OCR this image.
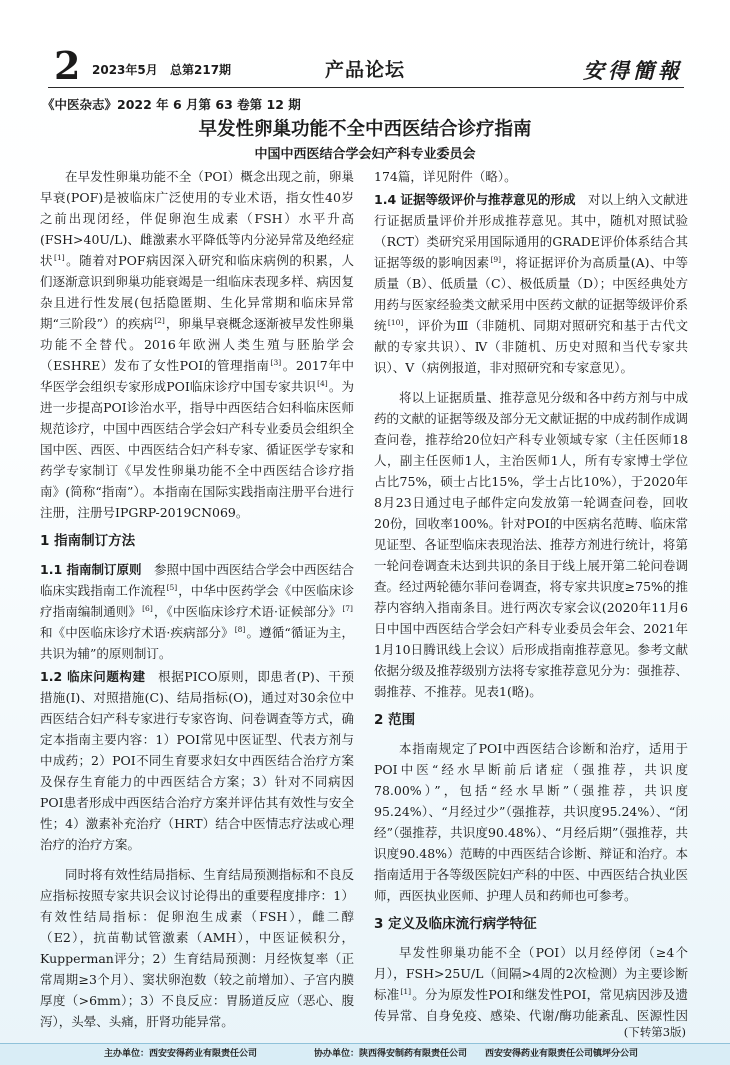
2 2023年5月 总第217期	产品论坛	安得簡報
《中医杂志》2022 年 6 月第 63 卷第 12 期
早发性卵巢功能不全中西医结合诊疗指南
中国中西医结合学会妇产科专业委员会

在早发性卵巢功能不全（POI）概念出现之前，卵巢早衰(POF)是被临床广泛使用的专业术语，指女性40岁之前出现闭经，伴促卵泡生成素（FSH）水平升高(FSH>40U/L)、雌激素水平降低等内分泌异常及绝经症状[1]。随着对POF病因深入研究和临床病例的积累，人们逐渐意识到卵巢功能衰竭是一组临床表现多样、病因复杂且进行性发展(包括隐匿期、生化异常期和临床异常期“三阶段”）的疾病[2]，卵巢早衰概念逐渐被早发性卵巢功能不全替代。2016年欧洲人类生殖与胚胎学会（ESHRE）发布了女性POI的管理指南[3]。2017年中华医学会组织专家形成POI临床诊疗中国专家共识[4]。为进一步提高POI诊治水平，指导中西医结合妇科临床医师规范诊疗，中国中西医结合学会妇产科专业委员会组织全国中医、西医、中西医结合妇产科专家、循证医学专家和药学专家制订《早发性卵巢功能不全中西医结合诊疗指南》(简称“指南”）。本指南在国际实践指南注册平台进行注册，注册号IPGRP-2019CN069。

1 指南制订方法

1.1 指南制订原则 参照中国中西医结合学会中西医结合临床实践指南工作流程[5]，中华中医药学会《中医临床诊疗指南编制通则》[6]，《中医临床诊疗术语·证候部分》[7]和《中医临床诊疗术语·疾病部分》[8]。遵循“循证为主，共识为辅”的原则制订。

1.2 临床问题构建 根据PICO原则，即患者(P)、干预措施(I)、对照措施(C)、结局指标(O)，通过对30余位中西医结合妇产科专家进行专家咨询、问卷调查等方式，确定本指南主要内容：1）POI常见中医证型、代表方剂与中成药；2）POI不同生育要求妇女中西医结合治疗方案及保存生育能力的中西医结合方案；3）针对不同病因POI患者形成中西医结合治疗方案并评估其有效性与安全性；4）激素补充治疗（HRT）结合中医情志疗法或心理治疗的治疗方案。

同时将有效性结局指标、生育结局预测指标和不良反应指标按照专家共识会议讨论得出的重要程度排序：1）有效性结局指标：促卵泡生成素（FSH），雌二醇（E2），抗苗勒试管激素（AMH），中医证候积分，Kupperman评分；2）生育结局预测：月经恢复率（正常周期≥3个月）、窦状卵泡数（较之前增加）、子宫内膜厚度（>6mm）；3）不良反应：胃肠道反应（恶心、腹泻），头晕、头痛，肝肾功能异常。

174篇，详见附件（略）。

1.4 证据等级评价与推荐意见的形成 对以上纳入文献进行证据质量评价并形成推荐意见。其中，随机对照试验（RCT）类研究采用国际通用的GRADE评价体系结合其证据等级的影响因素[9]，将证据评价为高质量(A)、中等质量（B）、低质量（C）、极低质量（D）；中医经典处方用药与医家经验类文献采用中医药文献的证据等级评价系统[10]，评价为Ⅲ（非随机、同期对照研究和基于古代文献的专家共识）、Ⅳ（非随机、历史对照和当代专家共识）、Ⅴ（病例报道，非对照研究和专家意见）。

将以上证据质量、推荐意见分级和各中药方剂与中成药的文献的证据等级及部分无文献证据的中成药制作成调查问卷，推荐给20位妇产科专业领域专家（主任医师18人，副主任医师1人，主治医师1人，所有专家博士学位占比75%，硕士占比15%，学士占比10%），于2020年8月23日通过电子邮件定向发放第一轮调查问卷，回收20份，回收率100%。针对POI的中医病名范畴、临床常见证型、各证型临床表现治法、推荐方剂进行统计，将第一轮问卷调查未达到共识的条目于线上展开第二轮问卷调查。经过两轮德尔菲问卷调查，将专家共识度≥75%的推荐内容纳入指南条目。进行两次专家会议(2020年11月6日中国中西医结合学会妇产科专业委员会年会、2021年1月10日腾讯线上会议）后形成指南推荐意见。参考文献依据分级及推荐级别方法将专家推荐意见分为：强推荐、弱推荐、不推荐。见表1(略)。

2 范围

本指南规定了POI中西医结合诊断和治疗，适用于POI中医“经水早断前后诸症（强推荐，共识度78.00%）”，包括“经水早断”（强推荐，共识度95.24%）、“月经过少”（强推荐，共识度95.24%）、“闭经”（强推荐，共识度90.48%）、“月经后期”（强推荐，共识度90.48%）范畴的中西医结合诊断、辩证和治疗。本指南适用于各等级医院妇产科的中医、中西医结合执业医师，西医执业医师、护理人员和药师也可参考。

3 定义及临床流行病学特征

早发性卵巢功能不全（POI）以月经停闭（≥4个月），FSH>25U/L（间隔>4周的2次检测）为主要诊断标准[1]。分为原发性POI和继发性POI，常见病因涉及遗传异常、自身免疫、感染、代谢/酶功能紊乱、医源性因

(下转第3版)
主办单位：西安安得药业有限责任公司	协办单位：陕西得安制药有限责任公司 西安安得药业有限责任公司镇坪分公司
